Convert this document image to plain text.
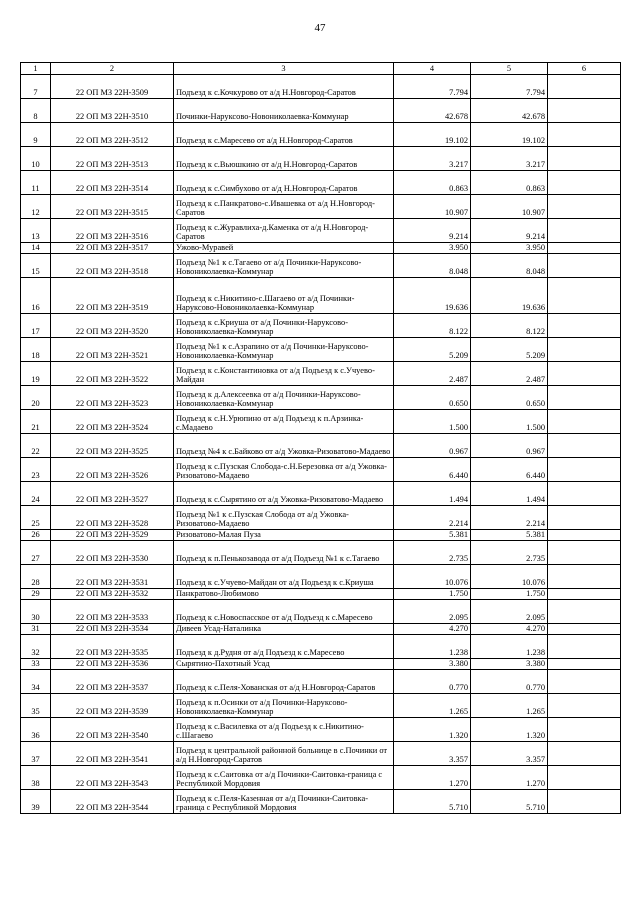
47
1	2	3	4	5	6
7	22 ОП МЗ 22Н-3509	Подъезд к с.Кочкурово от а/д Н.Новгород-Саратов	7.794	7.794	
8	22 ОП МЗ 22Н-3510	Починки-Наруксово-Новониколаевка-Коммунар	42.678	42.678	
9	22 ОП МЗ 22Н-3512	Подъезд к с.Маресево от а/д Н.Новгород-Саратов	19.102	19.102	
10	22 ОП МЗ 22Н-3513	Подъезд к с.Вьюшкино от а/д Н.Новгород-Саратов	3.217	3.217	
11	22 ОП МЗ 22Н-3514	Подъезд к с.Симбухово от а/д Н.Новгород-Саратов	0.863	0.863	
12	22 ОП МЗ 22Н-3515	Подъезд к с.Панкратово-с.Ивашевка от а/д Н.Новгород-Саратов	10.907	10.907	
13	22 ОП МЗ 22Н-3516	Подъезд к с.Журавлиха-д.Каменка от а/д Н.Новгород-Саратов	9.214	9.214	
14	22 ОП МЗ 22Н-3517	Ужово-Муравей	3.950	3.950	
15	22 ОП МЗ 22Н-3518	Подъезд №1 к с.Тагаево от а/д Починки-Наруксово-Новониколаевка-Коммунар	8.048	8.048	
16	22 ОП МЗ 22Н-3519	Подъезд к с.Никитино-с.Шагаево от а/д Починки-Наруксово-Новониколаевка-Коммунар	19.636	19.636	
17	22 ОП МЗ 22Н-3520	Подъезд к с.Криуша от а/д Починки-Наруксово-Новониколаевка-Коммунар	8.122	8.122	
18	22 ОП МЗ 22Н-3521	Подъезд №1 к с.Азрапино от а/д Починки-Наруксово-Новониколаевка-Коммунар	5.209	5.209	
19	22 ОП МЗ 22Н-3522	Подъезд к с.Константиновка от а/д Подъезд к с.Учуево-Майдан	2.487	2.487	
20	22 ОП МЗ 22Н-3523	Подъезд к д.Алексеевка от а/д Починки-Наруксово-Новониколаевка-Коммунар	0.650	0.650	
21	22 ОП МЗ 22Н-3524	Подъезд к с.Н.Урюпино от а/д Подъезд к п.Арзинка-с.Мадаево	1.500	1.500	
22	22 ОП МЗ 22Н-3525	Подъезд №4 к с.Байково от а/д Ужовка-Ризоватово-Мадаево	0.967	0.967	
23	22 ОП МЗ 22Н-3526	Подъезд к с.Пузская Слобода-с.Н.Березовка от а/д Ужовка-Ризоватово-Мадаево	6.440	6.440	
24	22 ОП МЗ 22Н-3527	Подъезд к с.Сырятино от а/д Ужовка-Ризоватово-Мадаево	1.494	1.494	
25	22 ОП МЗ 22Н-3528	Подъезд №1 к с.Пузская Слобода от а/д Ужовка-Ризоватово-Мадаево	2.214	2.214	
26	22 ОП МЗ 22Н-3529	Ризоватово-Малая Пуза	5.381	5.381	
27	22 ОП МЗ 22Н-3530	Подъезд к п.Пенькозавода от а/д Подъезд №1 к с.Тагаево	2.735	2.735	
28	22 ОП МЗ 22Н-3531	Подъезд к с.Учуево-Майдан от а/д Подъезд к с.Криуша	10.076	10.076	
29	22 ОП МЗ 22Н-3532	Панкратово-Любимово	1.750	1.750	
30	22 ОП МЗ 22Н-3533	Подъезд к с.Новоспасское от а/д Подъезд к с.Маресево	2.095	2.095	
31	22 ОП МЗ 22Н-3534	Дивеев Усад-Наталинка	4.270	4.270	
32	22 ОП МЗ 22Н-3535	Подъезд к д.Рудня от а/д Подъезд к с.Маресево	1.238	1.238	
33	22 ОП МЗ 22Н-3536	Сырятино-Пахотный Усад	3.380	3.380	
34	22 ОП МЗ 22Н-3537	Подъезд к с.Пеля-Хованская от а/д Н.Новгород-Саратов	0.770	0.770	
35	22 ОП МЗ 22Н-3539	Подъезд к п.Осинки от а/д Починки-Наруксово-Новониколаевка-Коммунар	1.265	1.265	
36	22 ОП МЗ 22Н-3540	Подъезд к с.Василевка от а/д Подъезд к с.Никитино-с.Шагаево	1.320	1.320	
37	22 ОП МЗ 22Н-3541	Подъезд к центральной районной больнице в с.Починки от а/д Н.Новгород-Саратов	3.357	3.357	
38	22 ОП МЗ 22Н-3543	Подъезд к с.Саитовка от а/д Починки-Саитовка-граница с Республикой Мордовия	1.270	1.270	
39	22 ОП МЗ 22Н-3544	Подъезд к с.Пеля-Казенная от а/д Починки-Саитовка-граница с Республикой Мордовия	5.710	5.710	
